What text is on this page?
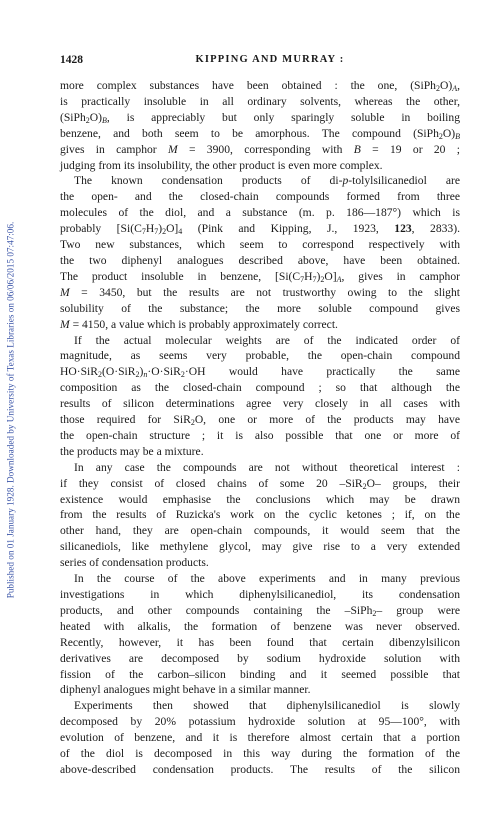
Published on 01 January 1928. Downloaded by University of Texas Libraries on 06/06/2015 07:47:06.
1428	KIPPING AND MURRAY :

more complex substances have been obtained : the one, $(SiPh_2O)_A$,

is practically insoluble in all ordinary solvents, whereas the other,

$(SiPh_2O)_B$, is appreciably but only sparingly soluble in boiling

benzene, and both seem to be amorphous. The compound $(SiPh_2O)_B$

gives in camphor M = 3900, corresponding with B = 19 or 20 ;

judging from its insolubility, the other product is even more complex.

The known condensation products of di-p-tolylsilicanediol are

the open- and the closed-chain compounds formed from three

molecules of the diol, and a substance (m. p. 186—187°) which is

probably $[Si(C_7H_7)_2O]_4$ (Pink and Kipping, J., 1923, 123, 2833).

Two new substances, which seem to correspond respectively with

the two diphenyl analogues described above, have been obtained.

The product insoluble in benzene, $[Si(C_7H_7)_2O]_A$, gives in camphor

M = 3450, but the results are not trustworthy owing to the slight

solubility of the substance; the more soluble compound gives

M = 4150, a value which is probably approximately correct.

If the actual molecular weights are of the indicated order of

magnitude, as seems very probable, the open-chain compound

$HO\cdot SiR_2(O\cdot SiR_2)_n\cdot O\cdot SiR_2\cdot OH$ would have practically the same

composition as the closed-chain compound ; so that although the

results of silicon determinations agree very closely in all cases with

those required for SiR$_2$O, one or more of the products may have

the open-chain structure ; it is also possible that one or more of

the products may be a mixture.

In any case the compounds are not without theoretical interest :

if they consist of closed chains of some 20 –SiR$_2$O– groups, their

existence would emphasise the conclusions which may be drawn

from the results of Ruzicka's work on the cyclic ketones ; if, on the

other hand, they are open-chain compounds, it would seem that the

silicanediols, like methylene glycol, may give rise to a very extended

series of condensation products.

In the course of the above experiments and in many previous

investigations in which diphenylsilicanediol, its condensation

products, and other compounds containing the –SiPh$_2$– group were

heated with alkalis, the formation of benzene was never observed.

Recently, however, it has been found that certain dibenzylsilicon

derivatives are decomposed by sodium hydroxide solution with

fission of the carbon–silicon binding and it seemed possible that

diphenyl analogues might behave in a similar manner.

Experiments then showed that diphenylsilicanediol is slowly

decomposed by 20% potassium hydroxide solution at 95—100°, with

evolution of benzene, and it is therefore almost certain that a portion

of the diol is decomposed in this way during the formation of the

above-described condensation products. The results of the silicon
